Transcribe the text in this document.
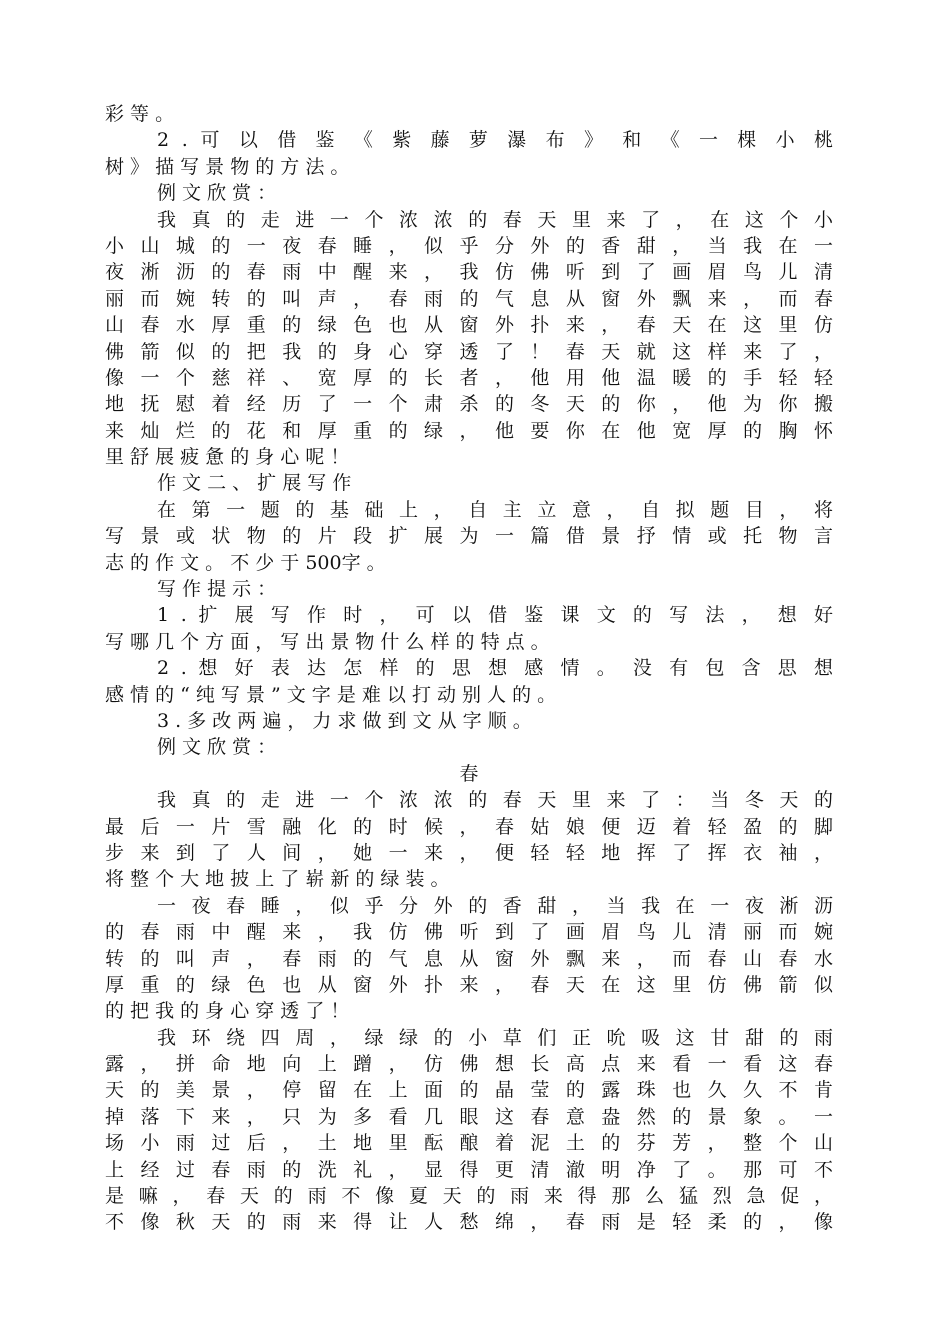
彩 等 。
2 . 可 以 借 鉴 《 紫 藤 萝 瀑 布 》 和 《 一 棵 小 桃
树 》 描 写 景 物 的 方 法 。
例 文 欣 赏 ：
我 真 的 走 进 一 个 浓 浓 的 春 天 里 来 了 ， 在 这 个 小
小 山 城 的 一 夜 春 睡 ， 似 乎 分 外 的 香 甜 ， 当 我 在 一
夜 淅 沥 的 春 雨 中 醒 来 ， 我 仿 佛 听 到 了 画 眉 鸟 儿 清
丽 而 婉 转 的 叫 声 ， 春 雨 的 气 息 从 窗 外 飘 来 ， 而 春
山 春 水 厚 重 的 绿 色 也 从 窗 外 扑 来 ， 春 天 在 这 里 仿
佛 箭 似 的 把 我 的 身 心 穿 透 了 ！ 春 天 就 这 样 来 了 ，
像 一 个 慈 祥 、 宽 厚 的 长 者 ， 他 用 他 温 暖 的 手 轻 轻
地 抚 慰 着 经 历 了 一 个 肃 杀 的 冬 天 的 你 ， 他 为 你 搬
来 灿 烂 的 花 和 厚 重 的 绿 ， 他 要 你 在 他 宽 厚 的 胸 怀
里 舒 展 疲 惫 的 身 心 呢 ！
作 文 二 、 扩 展 写 作
在 第 一 题 的 基 础 上 ， 自 主 立 意 ， 自 拟 题 目 ， 将
写 景 或 状 物 的 片 段 扩 展 为 一 篇 借 景 抒 情 或 托 物 言
志 的 作 文 。 不 少 于 500字 。
写 作 提 示 ：
1 . 扩 展 写 作 时 ， 可 以 借 鉴 课 文 的 写 法 ， 想 好
写 哪 几 个 方 面 ， 写 出 景 物 什 么 样 的 特 点 。
2 . 想 好 表 达 怎 样 的 思 想 感 情 。 没 有 包 含 思 想
感 情 的 “ 纯 写 景 ” 文 字 是 难 以 打 动 别 人 的 。
3 . 多 改 两 遍 ， 力 求 做 到 文 从 字 顺 。
例 文 欣 赏 ：
春
我 真 的 走 进 一 个 浓 浓 的 春 天 里 来 了 ： 当 冬 天 的
最 后 一 片 雪 融 化 的 时 候 ， 春 姑 娘 便 迈 着 轻 盈 的 脚
步 来 到 了 人 间 ， 她 一 来 ， 便 轻 轻 地 挥 了 挥 衣 袖 ，
将 整 个 大 地 披 上 了 崭 新 的 绿 装 。
一 夜 春 睡 ， 似 乎 分 外 的 香 甜 ， 当 我 在 一 夜 淅 沥
的 春 雨 中 醒 来 ， 我 仿 佛 听 到 了 画 眉 鸟 儿 清 丽 而 婉
转 的 叫 声 ， 春 雨 的 气 息 从 窗 外 飘 来 ， 而 春 山 春 水
厚 重 的 绿 色 也 从 窗 外 扑 来 ， 春 天 在 这 里 仿 佛 箭 似
的 把 我 的 身 心 穿 透 了 ！
我 环 绕 四 周 ， 绿 绿 的 小 草 们 正 吮 吸 这 甘 甜 的 雨
露 ， 拼 命 地 向 上 蹭 ， 仿 佛 想 长 高 点 来 看 一 看 这 春
天 的 美 景 ， 停 留 在 上 面 的 晶 莹 的 露 珠 也 久 久 不 肯
掉 落 下 来 ， 只 为 多 看 几 眼 这 春 意 盎 然 的 景 象 。 一
场 小 雨 过 后 ， 土 地 里 酝 酿 着 泥 土 的 芬 芳 ， 整 个 山
上 经 过 春 雨 的 洗 礼 ， 显 得 更 清 澈 明 净 了 。 那 可 不
是 嘛 ， 春 天 的 雨 不 像 夏 天 的 雨 来 得 那 么 猛 烈 急 促 ，
不 像 秋 天 的 雨 来 得 让 人 愁 绵 ， 春 雨 是 轻 柔 的 ， 像
